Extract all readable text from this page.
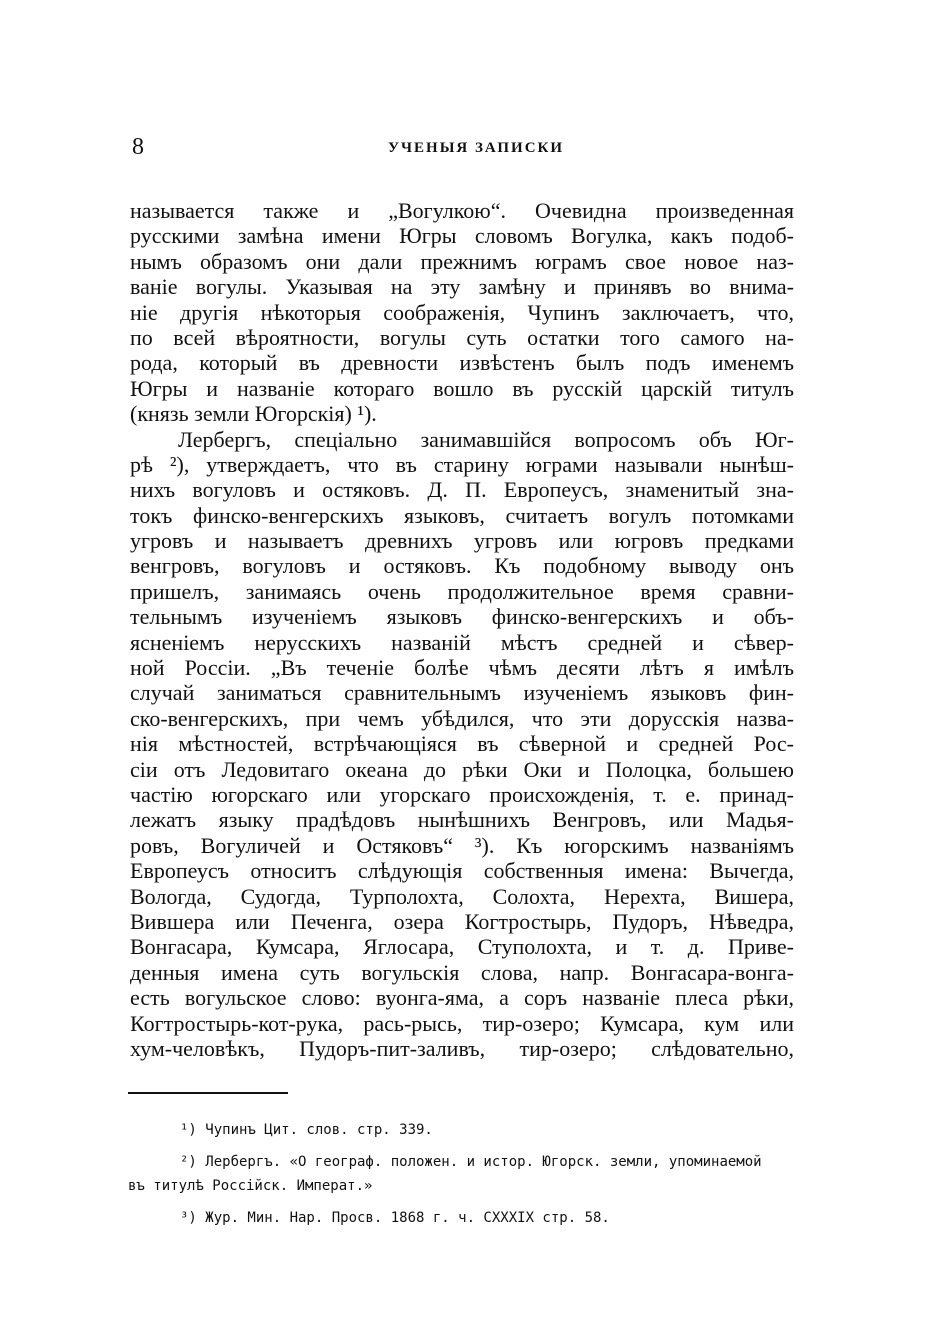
8	УЧЕНЫЯ ЗАПИСКИ
называется также и „Вогулкою“. Очевидна произведенная
русскими замѣна имени Югры словомъ Вогулка, какъ подоб-
нымъ образомъ они дали прежнимъ юграмъ свое новое наз-
ваніе вогулы. Указывая на эту замѣну и принявъ во внима-
ніе другія нѣкоторыя соображенія, Чупинъ заключаетъ, что,
по всей вѣроятности, вогулы суть остатки того самого на-
рода, который въ древности извѣстенъ былъ подъ именемъ
Югры и названіе котораго вошло въ русскій царскій титулъ
(князь земли Югорскія) ¹).
Лербергъ, спеціально занимавшійся вопросомъ объ Юг-
рѣ ²), утверждаетъ, что въ старину юграми называли нынѣш-
нихъ вогуловъ и остяковъ. Д. П. Европеусъ, знаменитый зна-
токъ финско-венгерскихъ языковъ, считаетъ вогулъ потомками
угровъ и называетъ древнихъ угровъ или югровъ предками
венгровъ, вогуловъ и остяковъ. Къ подобному выводу онъ
пришелъ, занимаясь очень продолжительное время сравни-
тельнымъ изученіемъ языковъ финско-венгерскихъ и объ-
ясненіемъ нерусскихъ названій мѣстъ средней и сѣвер-
ной Россіи. „Въ теченіе болѣе чѣмъ десяти лѣтъ я имѣлъ
случай заниматься сравнительнымъ изученіемъ языковъ фин-
ско-венгерскихъ, при чемъ убѣдился, что эти дорусскія назва-
нія мѣстностей, встрѣчающіяся въ сѣверной и средней Рос-
сіи отъ Ледовитаго океана до рѣки Оки и Полоцка, большею
частію югорскаго или угорскаго происхожденія, т. е. принад-
лежатъ языку прадѣдовъ нынѣшнихъ Венгровъ, или Мадья-
ровъ, Вогуличей и Остяковъ“ ³). Къ югорскимъ названіямъ
Европеусъ относитъ слѣдующія собственныя имена: Вычегда,
Вологда, Судогда, Турполохта, Солохта, Нерехта, Вишера,
Вившера или Печенга, озера Когтростырь, Пудоръ, Нѣведра,
Вонгасара, Кумсара, Яглосара, Ступолохта, и т. д. Приве-
денныя имена суть вогульскія слова, напр. Вонгасара-вонга-
есть вогульское слово: вуонга-яма, а соръ названіе плеса рѣки,
Когтростырь-кот-рука, рась-рысь, тир-озеро; Кумсара, кум или
хум-человѣкъ, Пудоръ-пит-заливъ, тир-озеро; слѣдовательно,
¹) Чупинъ Цит. слов. стр. 339.
²) Лербергъ. «О географ. положен. и истор. Югорск. земли, упоминаемой
въ титулѣ Россійск. Императ.»
³) Жур. Мин. Нар. Просв. 1868 г. ч. CXXXIX стр. 58.
